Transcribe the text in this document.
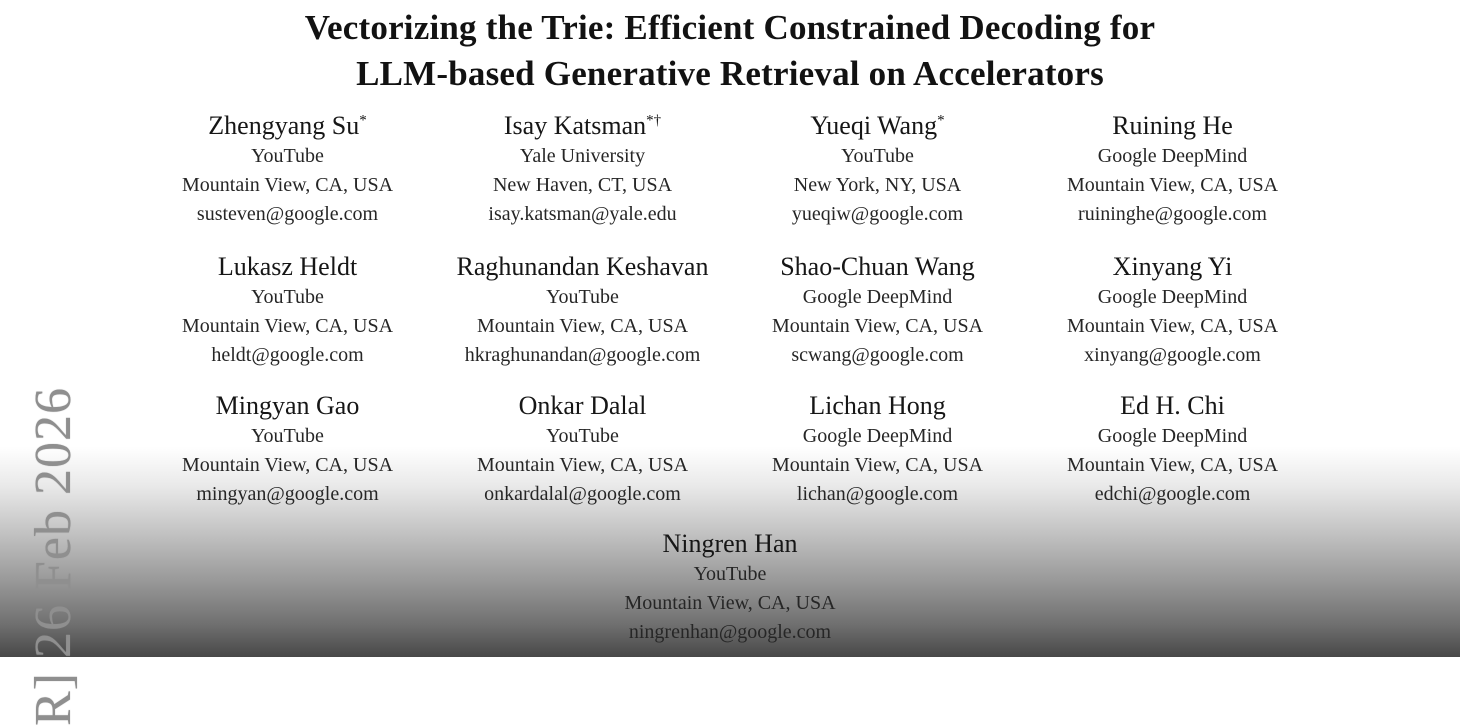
R] 26 Feb 2026
Vectorizing the Trie: Efficient Constrained Decoding for
LLM-based Generative Retrieval on Accelerators
Zhengyang Su*
YouTube
Mountain View, CA, USA
susteven@google.com
Isay Katsman*†
Yale University
New Haven, CT, USA
isay.katsman@yale.edu
Yueqi Wang*
YouTube
New York, NY, USA
yueqiw@google.com
Ruining He
Google DeepMind
Mountain View, CA, USA
ruininghe@google.com
Lukasz Heldt
YouTube
Mountain View, CA, USA
heldt@google.com
Raghunandan Keshavan
YouTube
Mountain View, CA, USA
hkraghunandan@google.com
Shao-Chuan Wang
Google DeepMind
Mountain View, CA, USA
scwang@google.com
Xinyang Yi
Google DeepMind
Mountain View, CA, USA
xinyang@google.com
Mingyan Gao
YouTube
Mountain View, CA, USA
mingyan@google.com
Onkar Dalal
YouTube
Mountain View, CA, USA
onkardalal@google.com
Lichan Hong
Google DeepMind
Mountain View, CA, USA
lichan@google.com
Ed H. Chi
Google DeepMind
Mountain View, CA, USA
edchi@google.com
Ningren Han
YouTube
Mountain View, CA, USA
ningrenhan@google.com
